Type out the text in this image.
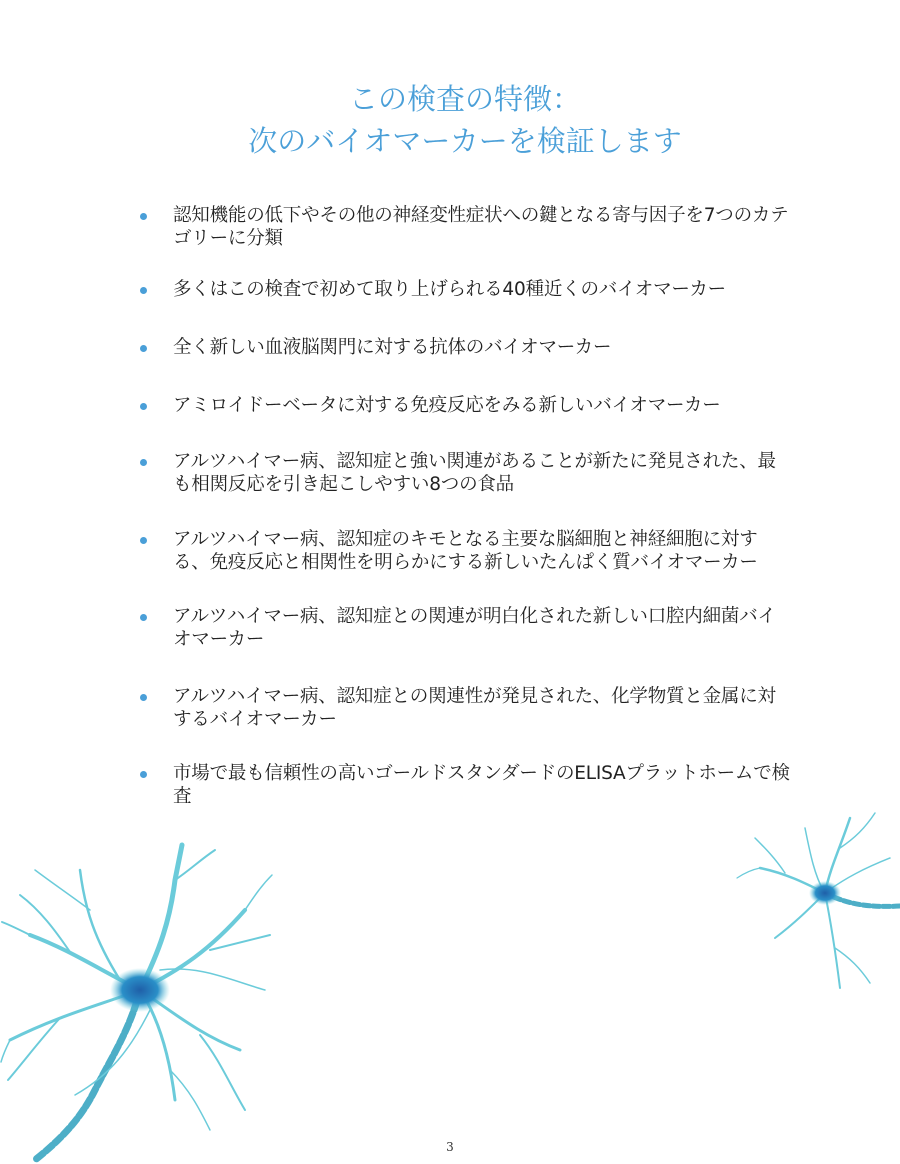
この検査の特徴：
次のバイオマーカーを検証します
認知機能の低下やその他の神経変性症状への鍵となる寄与因子を7つのカテゴリーに分類
多くはこの検査で初めて取り上げられる40種近くのバイオマーカー
全く新しい血液脳関門に対する抗体のバイオマーカー
アミロイドーベータに対する免疫反応をみる新しいバイオマーカー
アルツハイマー病、認知症と強い関連があることが新たに発見された、最も相関反応を引き起こしやすい8つの食品
アルツハイマー病、認知症のキモとなる主要な脳細胞と神経細胞に対する、免疫反応と相関性を明らかにする新しいたんぱく質バイオマーカー
アルツハイマー病、認知症との関連が明白化された新しい口腔内細菌バイオマーカー
アルツハイマー病、認知症との関連性が発見された、化学物質と金属に対するバイオマーカー
市場で最も信頼性の高いゴールドスタンダードのELISAプラットホームで検査
3
